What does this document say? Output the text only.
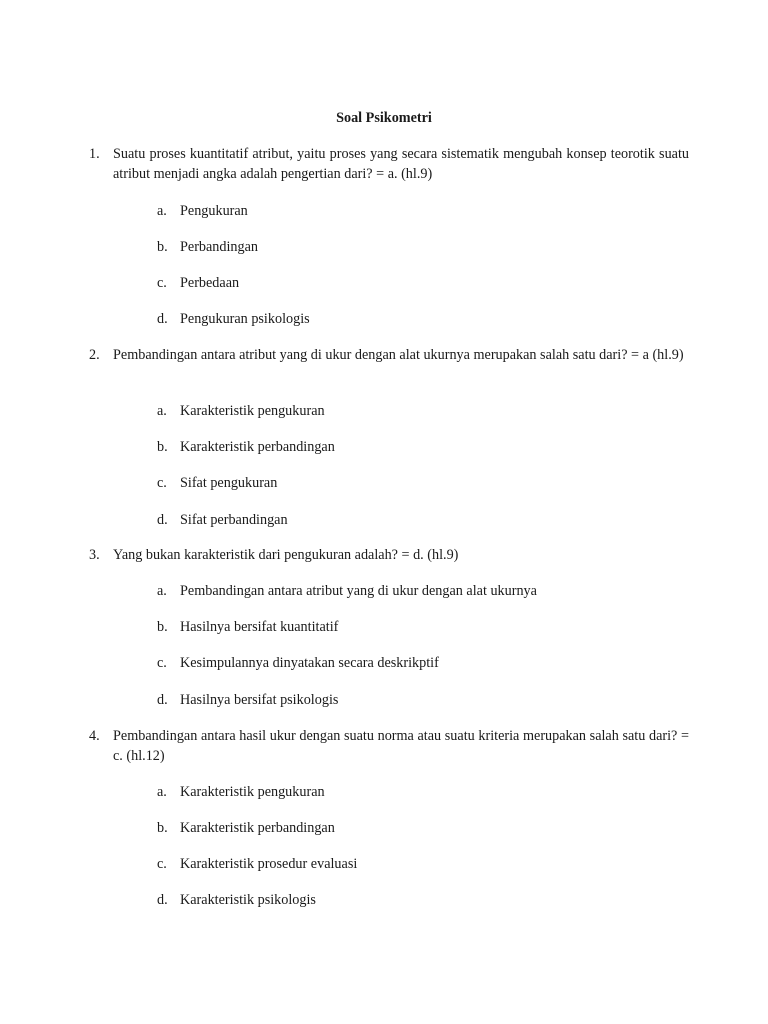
Soal Psikometri
1. Suatu proses kuantitatif atribut, yaitu proses yang secara sistematik mengubah konsep teorotik suatu atribut menjadi angka adalah pengertian dari? = a. (hl.9)
a. Pengukuran
b. Perbandingan
c. Perbedaan
d. Pengukuran psikologis
2. Pembandingan antara atribut yang di ukur dengan alat ukurnya merupakan salah satu dari? = a (hl.9)
a. Karakteristik pengukuran
b. Karakteristik perbandingan
c. Sifat pengukuran
d. Sifat perbandingan
3. Yang bukan karakteristik dari pengukuran adalah? = d. (hl.9)
a. Pembandingan antara atribut yang di ukur dengan alat ukurnya
b. Hasilnya bersifat kuantitatif
c. Kesimpulannya dinyatakan secara deskrikptif
d. Hasilnya bersifat psikologis
4. Pembandingan antara hasil ukur dengan suatu norma atau suatu kriteria merupakan salah satu dari? = c. (hl.12)
a. Karakteristik pengukuran
b. Karakteristik perbandingan
c. Karakteristik prosedur evaluasi
d. Karakteristik psikologis
